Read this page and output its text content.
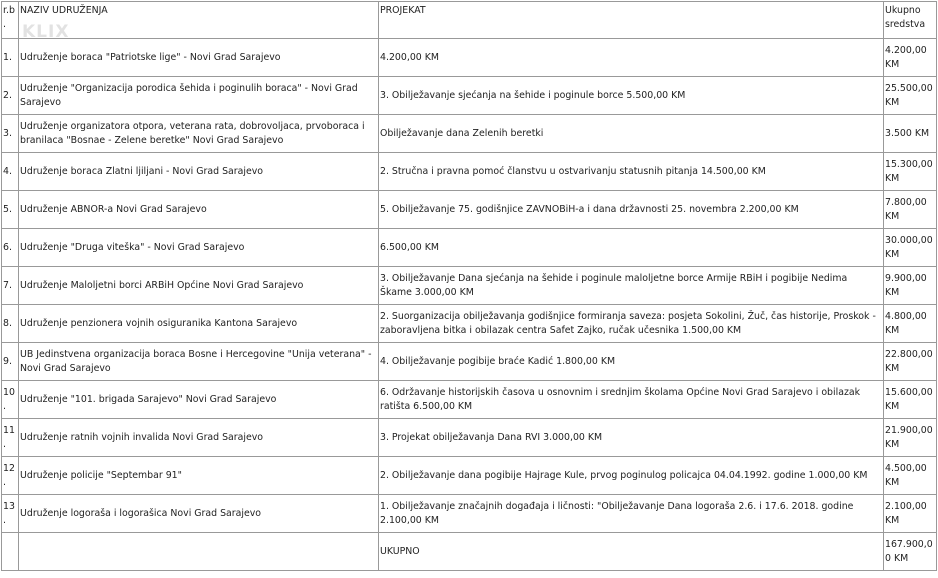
KLIX
r.b.	NAZIV UDRUŽENJA	PROJEKAT	Ukupno sredstva
1.	Udruženje boraca "Patriotske lige" - Novi Grad Sarajevo	4.200,00 KM	4.200,00 KM
2.	Udruženje "Organizacija porodica šehida i poginulih boraca" - Novi Grad Sarajevo	3. Obilježavanje sjećanja na šehide i poginule borce 5.500,00 KM	25.500,00 KM
3.	Udruženje organizatora otpora, veterana rata, dobrovoljaca, prvoboraca i branilaca "Bosnae - Zelene beretke" Novi Grad Sarajevo	Obilježavanje dana Zelenih beretki	3.500 KM
4.	Udruženje boraca Zlatni ljiljani - Novi Grad Sarajevo	2. Stručna i pravna pomoć članstvu u ostvarivanju statusnih pitanja 14.500,00 KM	15.300,00 KM
5.	Udruženje ABNOR-a Novi Grad Sarajevo	5. Obilježavanje 75. godišnjice ZAVNOBiH-a i dana državnosti 25. novembra 2.200,00 KM	7.800,00 KM
6.	Udruženje "Druga viteška" - Novi Grad Sarajevo	6.500,00 KM	30.000,00 KM
7.	Udruženje Maloljetni borci ARBiH Općine Novi Grad Sarajevo	3. Obilježavanje Dana sjećanja na šehide i poginule maloljetne borce Armije RBiH i pogibije Nedima Škame 3.000,00 KM	9.900,00 KM
8.	Udruženje penzionera vojnih osiguranika Kantona Sarajevo	2. Suorganizacija obilježavanja godišnjice formiranja saveza: posjeta Sokolini, Žuč, čas historije, Proskok - zaboravljena bitka i obilazak centra Safet Zajko, ručak učesnika 1.500,00 KM	4.800,00 KM
9.	UB Jedinstvena organizacija boraca Bosne i Hercegovine "Unija veterana" - Novi Grad Sarajevo	4. Obilježavanje pogibije braće Kadić 1.800,00 KM	22.800,00 KM
10.	Udruženje "101. brigada Sarajevo" Novi Grad Sarajevo	6. Održavanje historijskih časova u osnovnim i srednjim školama Općine Novi Grad Sarajevo i obilazak ratišta 6.500,00 KM	15.600,00 KM
11.	Udruženje ratnih vojnih invalida Novi Grad Sarajevo	3. Projekat obilježavanja Dana RVI 3.000,00 KM	21.900,00 KM
12.	Udruženje policije "Septembar 91"	2. Obilježavanje dana pogibije Hajrage Kule, prvog poginulog policajca 04.04.1992. godine 1.000,00 KM	4.500,00 KM
13.	Udruženje logoraša i logorašica Novi Grad Sarajevo	1. Obilježavanje značajnih događaja i ličnosti: "Obilježavanje Dana logoraša 2.6. i 17.6. 2018. godine 2.100,00 KM	2.100,00 KM
		UKUPNO	167.900,00 KM
